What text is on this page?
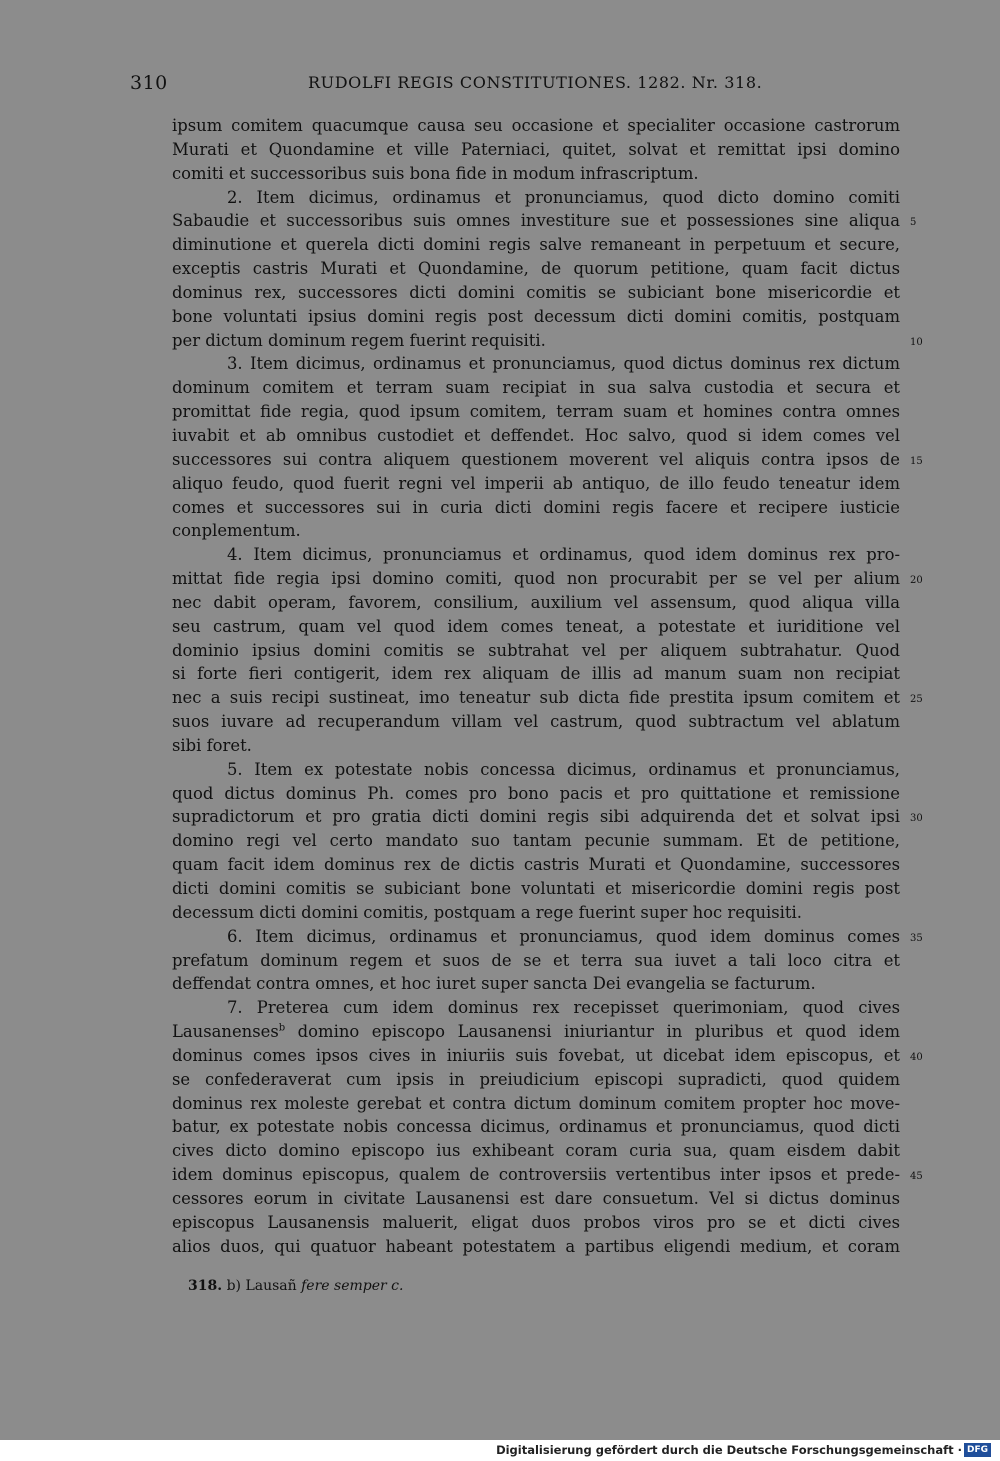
310	RUDOLFI REGIS CONSTITUTIONES. 1282. Nr. 318.
ipsum comitem quacumque causa seu occasione et specialiter occasione castrorum
Murati et Quondamine et ville Paterniaci, quitet, solvat et remittat ipsi domino
comiti et successoribus suis bona fide in modum infrascriptum.
2. Item dicimus, ordinamus et pronunciamus, quod dicto domino comiti
Sabaudie et successoribus suis omnes investiture sue et possessiones sine aliqua 5
diminutione et querela dicti domini regis salve remaneant in perpetuum et secure,
exceptis castris Murati et Quondamine, de quorum petitione, quam facit dictus
dominus rex, successores dicti domini comitis se subiciant bone misericordie et
bone voluntati ipsius domini regis post decessum dicti domini comitis, postquam
per dictum dominum regem fuerint requisiti.	10
3. Item dicimus, ordinamus et pronunciamus, quod dictus dominus rex dictum
dominum comitem et terram suam recipiat in sua salva custodia et secura et
promittat fide regia, quod ipsum comitem, terram suam et homines contra omnes
iuvabit et ab omnibus custodiet et deffendet. Hoc salvo, quod si idem comes vel
successores sui contra aliquem questionem moverent vel aliquis contra ipsos de 15
aliquo feudo, quod fuerit regni vel imperii ab antiquo, de illo feudo teneatur idem
comes et successores sui in curia dicti domini regis facere et recipere iusticie
conplementum.
4. Item dicimus, pronunciamus et ordinamus, quod idem dominus rex pro-
mittat fide regia ipsi domino comiti, quod non procurabit per se vel per alium 20
nec dabit operam, favorem, consilium, auxilium vel assensum, quod aliqua villa
seu castrum, quam vel quod idem comes teneat, a potestate et iuriditione vel
dominio ipsius domini comitis se subtrahat vel per aliquem subtrahatur. Quod
si forte fieri contigerit, idem rex aliquam de illis ad manum suam non recipiat
nec a suis recipi sustineat, imo teneatur sub dicta fide prestita ipsum comitem et 25
suos iuvare ad recuperandum villam vel castrum, quod subtractum vel ablatum
sibi foret.
5. Item ex potestate nobis concessa dicimus, ordinamus et pronunciamus,
quod dictus dominus Ph. comes pro bono pacis et pro quittatione et remissione
supradictorum et pro gratia dicti domini regis sibi adquirenda det et solvat ipsi 30
domino regi vel certo mandato suo tantam pecunie summam. Et de petitione,
quam facit idem dominus rex de dictis castris Murati et Quondamine, successores
dicti domini comitis se subiciant bone voluntati et misericordie domini regis post
decessum dicti domini comitis, postquam a rege fuerint super hoc requisiti.
6. Item dicimus, ordinamus et pronunciamus, quod idem dominus comes 35
prefatum dominum regem et suos de se et terra sua iuvet a tali loco citra et
deffendat contra omnes, et hoc iuret super sancta Dei evangelia se facturum.
7. Preterea cum idem dominus rex recepisset querimoniam, quod cives
Lausanenses$^b$ domino episcopo Lausanensi iniuriantur in pluribus et quod idem
dominus comes ipsos cives in iniuriis suis fovebat, ut dicebat idem episcopus, et 40
se confederaverat cum ipsis in preiudicium episcopi supradicti, quod quidem
dominus rex moleste gerebat et contra dictum dominum comitem propter hoc move-
batur, ex potestate nobis concessa dicimus, ordinamus et pronunciamus, quod dicti
cives dicto domino episcopo ius exhibeant coram curia sua, quam eisdem dabit
idem dominus episcopus, qualem de controversiis vertentibus inter ipsos et prede- 45
cessores eorum in civitate Lausanensi est dare consuetum. Vel si dictus dominus
episcopus Lausanensis maluerit, eligat duos probos viros pro se et dicti cives
alios duos, qui quatuor habeant potestatem a partibus eligendi medium, et coram
318. b) Lausañ fere semper c.
Digitalisierung gefördert durch die Deutsche Forschungsgemeinschaft · DFG
